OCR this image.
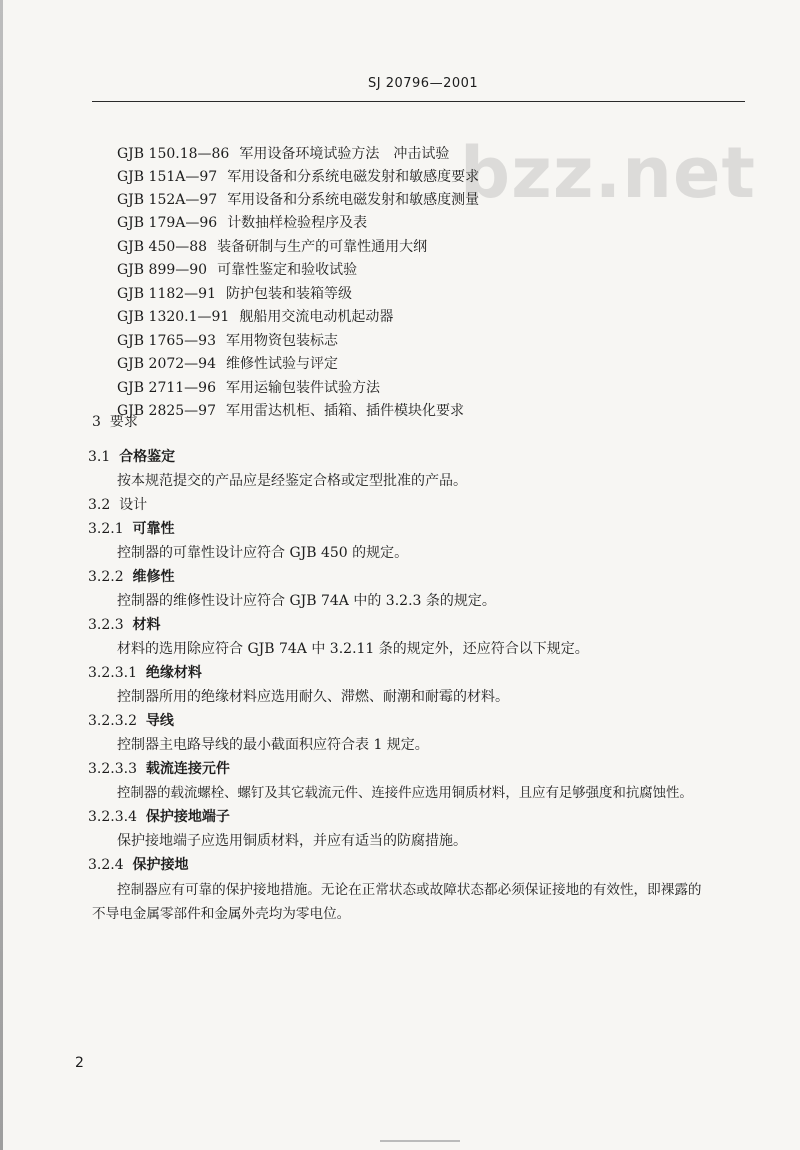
SJ 20796—2001
bzz.net
GJB 150.18—86 军用设备环境试验方法　冲击试验
GJB 151A—97 军用设备和分系统电磁发射和敏感度要求
GJB 152A—97 军用设备和分系统电磁发射和敏感度测量
GJB 179A—96 计数抽样检验程序及表
GJB 450—88 装备研制与生产的可靠性通用大纲
GJB 899—90 可靠性鉴定和验收试验
GJB 1182—91 防护包装和装箱等级
GJB 1320.1—91 舰船用交流电动机起动器
GJB 1765—93 军用物资包装标志
GJB 2072—94 维修性试验与评定
GJB 2711—96 军用运输包装件试验方法
GJB 2825—97 军用雷达机柜、插箱、插件模块化要求
3 要求
3.1 合格鉴定
按本规范提交的产品应是经鉴定合格或定型批准的产品。
3.2 设计
3.2.1 可靠性
控制器的可靠性设计应符合 GJB 450 的规定。
3.2.2 维修性
控制器的维修性设计应符合 GJB 74A 中的 3.2.3 条的规定。
3.2.3 材料
材料的选用除应符合 GJB 74A 中 3.2.11 条的规定外，还应符合以下规定。
3.2.3.1 绝缘材料
控制器所用的绝缘材料应选用耐久、滞燃、耐潮和耐霉的材料。
3.2.3.2 导线
控制器主电路导线的最小截面积应符合表 1 规定。
3.2.3.3 载流连接元件
控制器的载流螺栓、螺钉及其它载流元件、连接件应选用铜质材料，且应有足够强度和抗腐蚀性。
3.2.3.4 保护接地端子
保护接地端子应选用铜质材料，并应有适当的防腐措施。
3.2.4 保护接地
控制器应有可靠的保护接地措施。无论在正常状态或故障状态都必须保证接地的有效性，即裸露的
不导电金属零部件和金属外壳均为零电位。
2
